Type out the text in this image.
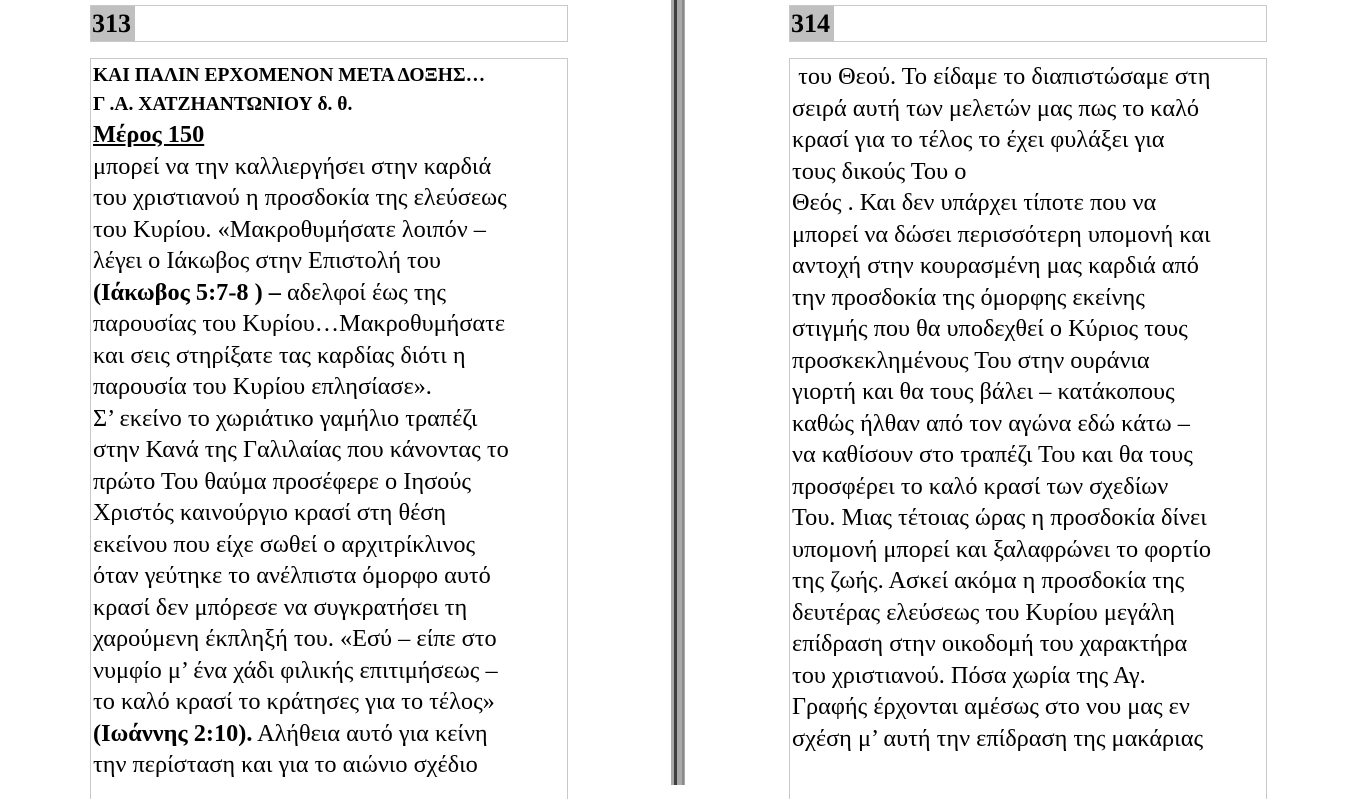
313
ΚΑΙ ΠΑΛΙΝ ΕΡΧΟΜΕΝΟΝ ΜΕΤΑ ΔΟΞΗΣ…
Γ .Α. ΧΑΤΖΗΑΝΤΩΝΙΟΥ δ. θ.
Μέρος 150
μπορεί να την καλλιεργήσει στην καρδιά
του χριστιανού η προσδοκία της ελεύσεως
του Κυρίου. «Μακροθυμήσατε λοιπόν –
λέγει ο Ιάκωβος στην Επιστολή του
(Ιάκωβος 5:7-8 ) – αδελφοί έως της
παρουσίας του Κυρίου…Μακροθυμήσατε
και σεις στηρίξατε τας καρδίας διότι η
παρουσία του Κυρίου επλησίασε».
Σ’ εκείνο το χωριάτικο γαμήλιο τραπέζι
στην Κανά της Γαλιλαίας που κάνοντας το
πρώτο Του θαύμα προσέφερε ο Ιησούς
Χριστός καινούργιο κρασί στη θέση
εκείνου που είχε σωθεί ο αρχιτρίκλινος
όταν γεύτηκε το ανέλπιστα όμορφο αυτό
κρασί δεν μπόρεσε να συγκρατήσει τη
χαρούμενη έκπληξή του. «Εσύ – είπε στο
νυμφίο μ’ ένα χάδι φιλικής επιτιμήσεως –
το καλό κρασί το κράτησες για το τέλος»
(Ιωάννης 2:10). Αλήθεια αυτό για κείνη
την περίσταση και για το αιώνιο σχέδιο
314
του Θεού. Το είδαμε το διαπιστώσαμε στη
σειρά αυτή των μελετών μας πως το καλό
κρασί για το τέλος το έχει φυλάξει για
τους δικούς Του ο
Θεός . Και δεν υπάρχει τίποτε που να
μπορεί να δώσει περισσότερη υπομονή και
αντοχή στην κουρασμένη μας καρδιά από
την προσδοκία της όμορφης εκείνης
στιγμής που θα υποδεχθεί ο Κύριος τους
προσκεκλημένους Του στην ουράνια
γιορτή και θα τους βάλει – κατάκοπους
καθώς ήλθαν από τον αγώνα εδώ κάτω –
να καθίσουν στο τραπέζι Του και θα τους
προσφέρει το καλό κρασί των σχεδίων
Του. Μιας τέτοιας ώρας η προσδοκία δίνει
υπομονή μπορεί και ξαλαφρώνει το φορτίο
της ζωής. Ασκεί ακόμα η προσδοκία της
δευτέρας ελεύσεως του Κυρίου μεγάλη
επίδραση στην οικοδομή του χαρακτήρα
του χριστιανού. Πόσα χωρία της Αγ.
Γραφής έρχονται αμέσως στο νου μας εν
σχέση μ’ αυτή την επίδραση της μακάριας
